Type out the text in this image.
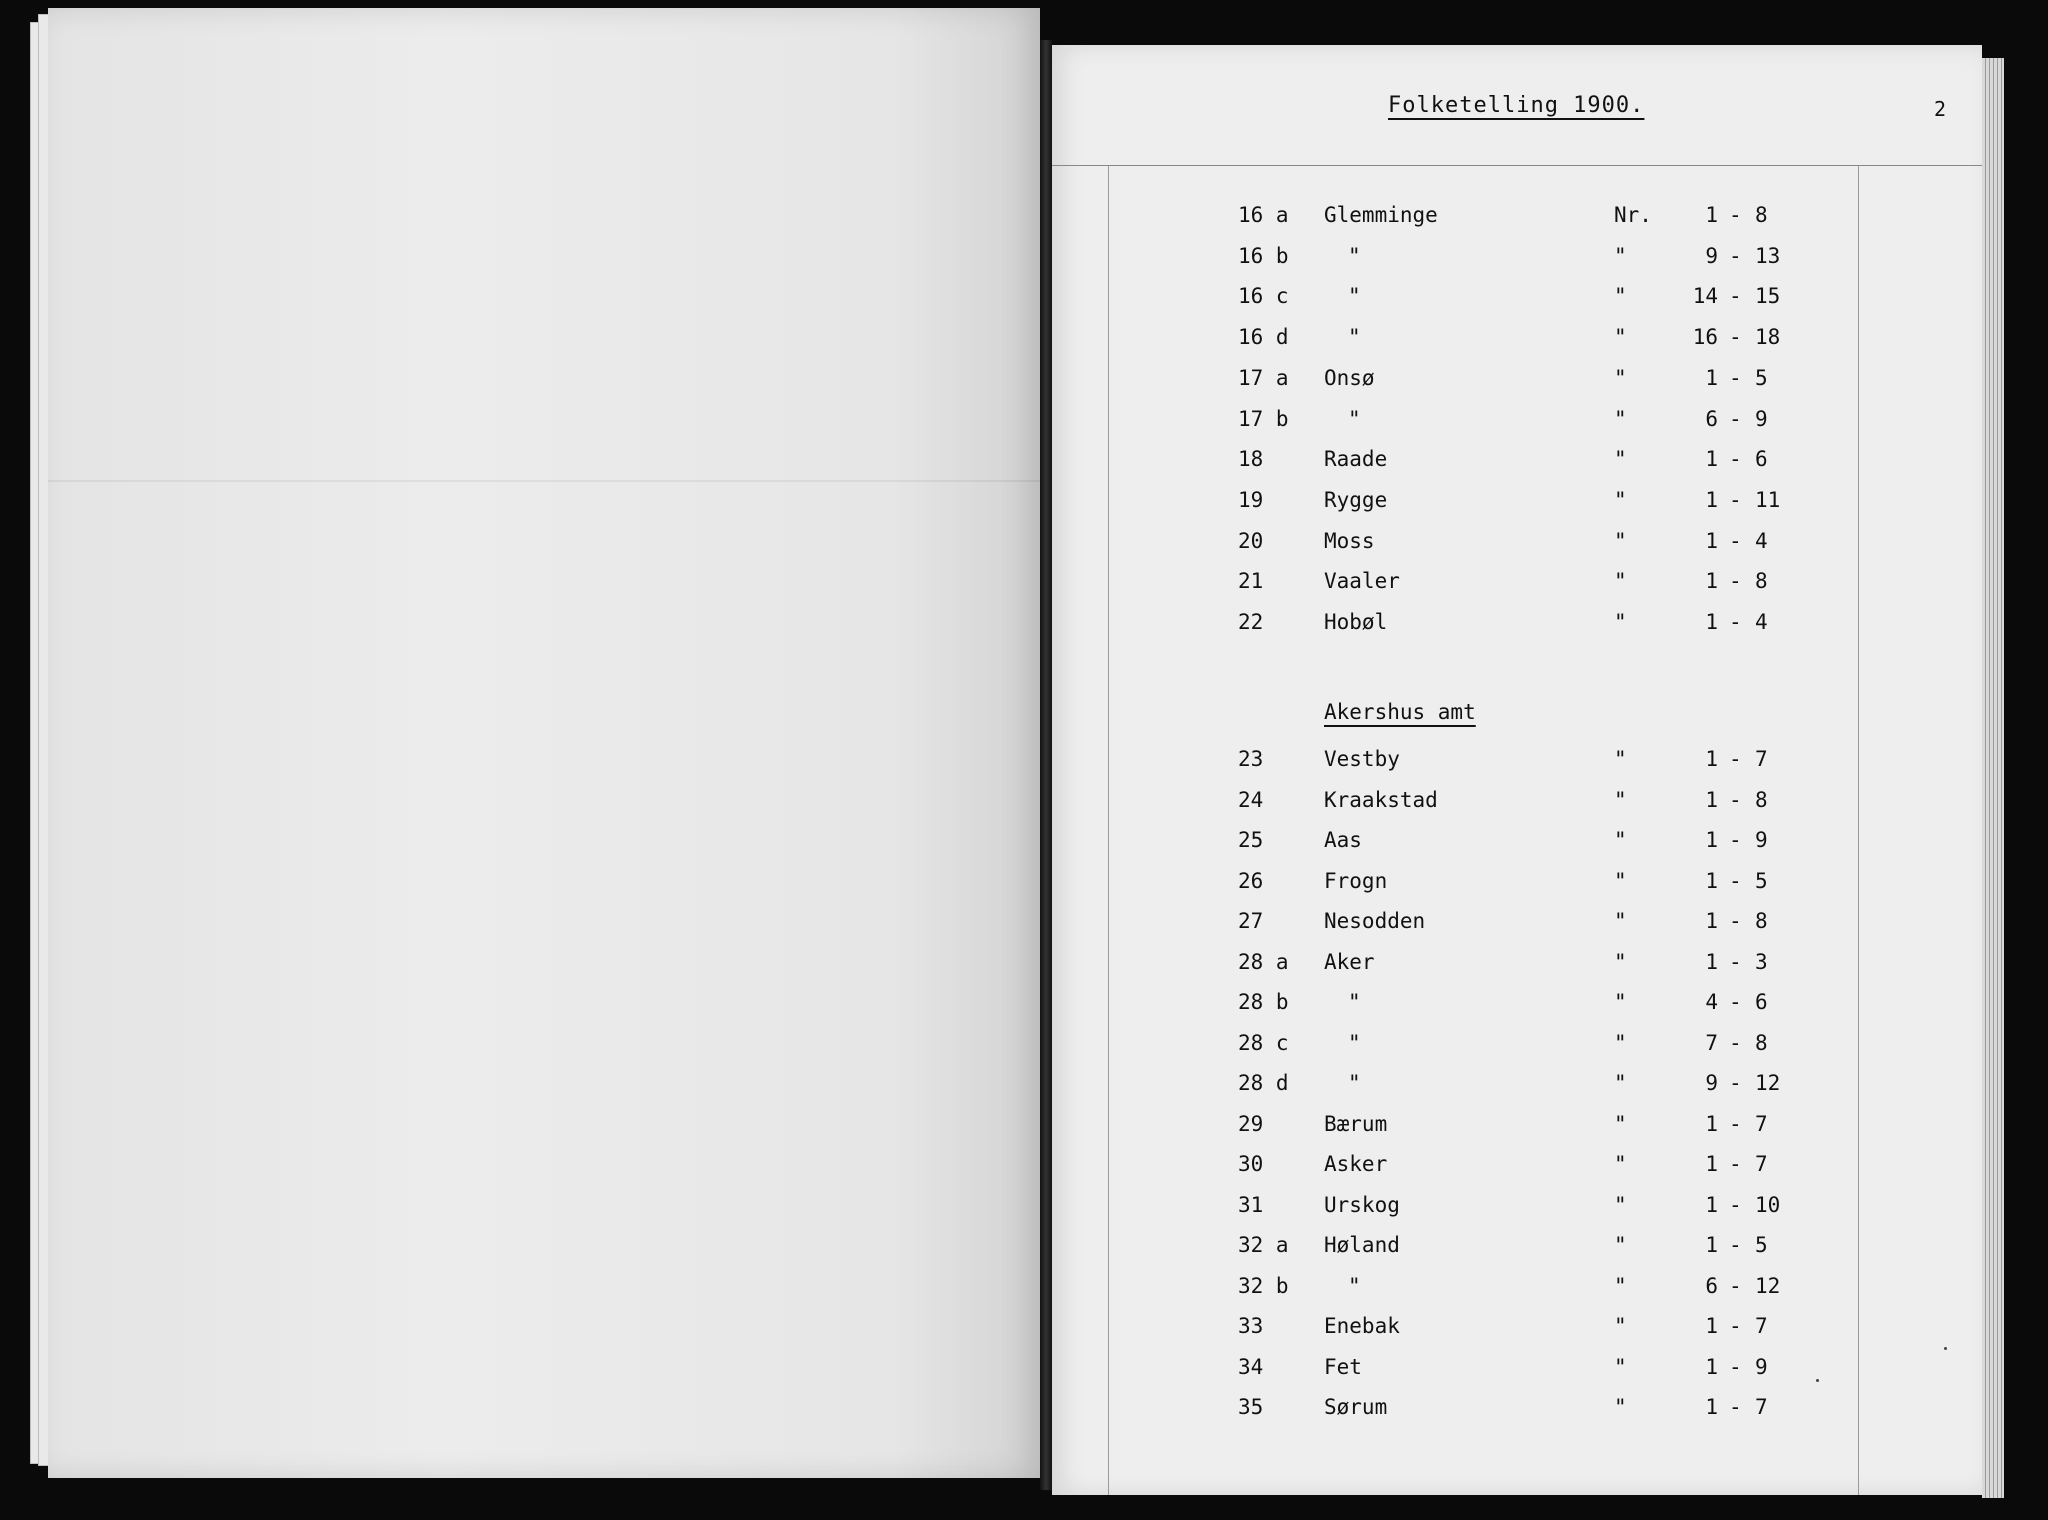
Folketelling 1900.	2
Akershus amt
16 a Glemminge	Nr.	1 - 8
16 b	"	"	9 - 13
16 c	"	"	14 - 15
16 d	"	"	16 - 18
17 a Onsø	"	1 - 5
17 b	"	"	6 - 9
18	Raade	"	1 - 6
19	Rygge	"	1 - 11
20	Moss	"	1 - 4
21	Vaaler	"	1 - 8
22	Hobøl	"	1 - 4
23	Vestby	"	1 - 7
24	Kraakstad	"	1 - 8
25	Aas	"	1 - 9
26	Frogn	"	1 - 5
27	Nesodden	"	1 - 8
28 a Aker	"	1 - 3
28 b	"	"	4 - 6
28 c	"	"	7 - 8
28 d	"	"	9 - 12
29	Bærum	"	1 - 7
30	Asker	"	1 - 7
31	Urskog	"	1 - 10
32 a Høland	"	1 - 5
32 b	"	"	6 - 12
33	Enebak	"	1 - 7
34	Fet	"	1 - 9
35	Sørum	"	1 - 7
